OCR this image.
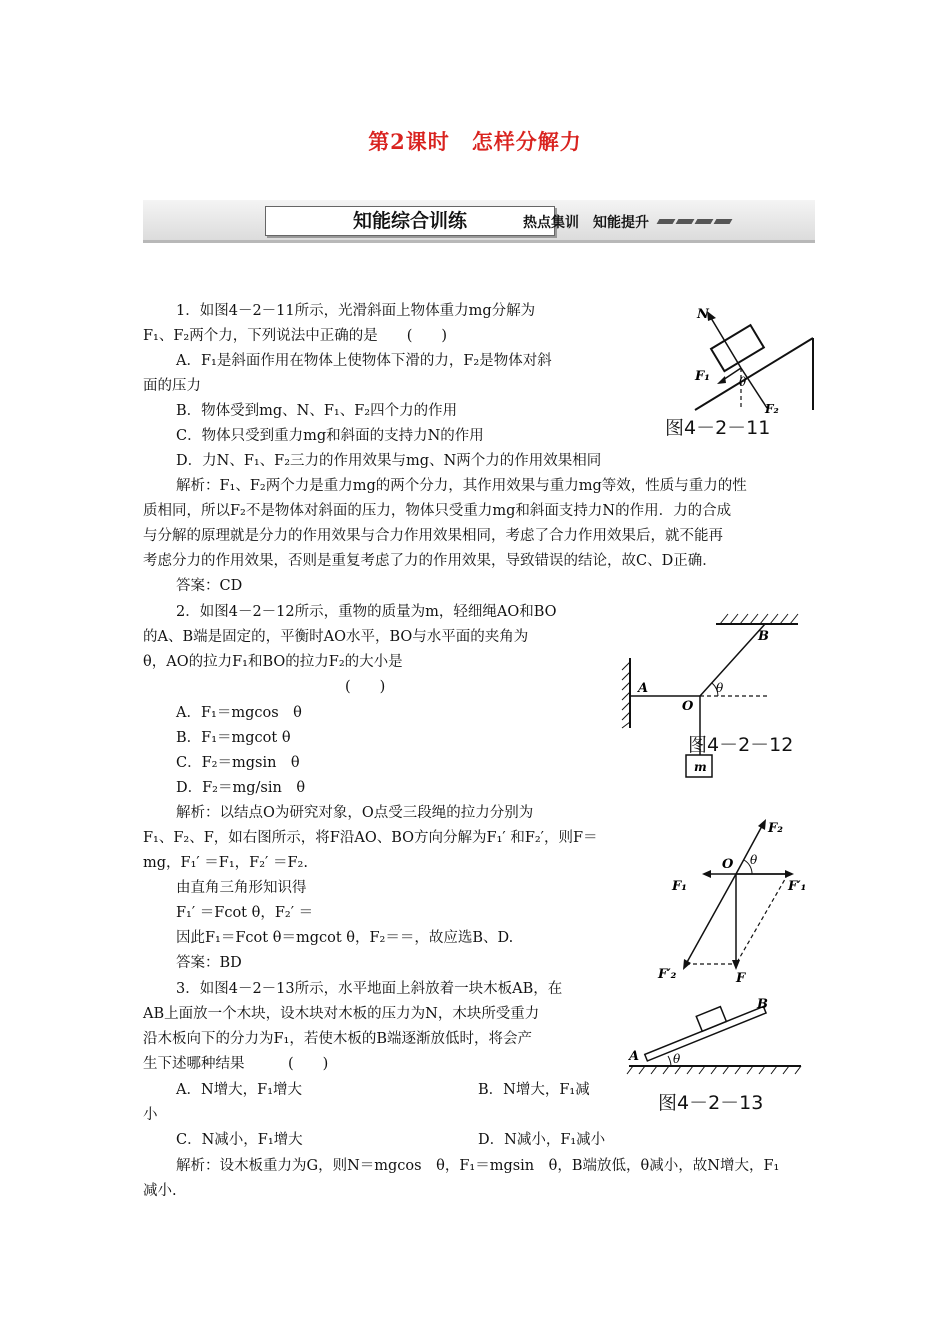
第2课时　怎样分解力
知能综合训练	热点集训　知能提升
1．如图4－2－11所示，光滑斜面上物体重力mg分解为
F₁、F₂两个力，下列说法中正确的是　　(　　)
A．F₁是斜面作用在物体上使物体下滑的力，F₂是物体对斜
面的压力
B．物体受到mg、N、F₁、F₂四个力的作用
C．物体只受到重力mg和斜面的支持力N的作用
D．力N、F₁、F₂三力的作用效果与mg、N两个力的作用效果相同
解析：F₁、F₂两个力是重力mg的两个分力，其作用效果与重力mg等效，性质与重力的性
质相同，所以F₂不是物体对斜面的压力，物体只受重力mg和斜面支持力N的作用．力的合成
与分解的原理就是分力的作用效果与合力作用效果相同，考虑了合力作用效果后，就不能再
考虑分力的作用效果，否则是重复考虑了力的作用效果，导致错误的结论，故C、D正确．
答案：CD
N
F₁ θ
F₂
图4－2－11
2．如图4－2－12所示，重物的质量为m，轻细绳AO和BO
的A、B端是固定的，平衡时AO水平，BO与水平面的夹角为
θ，AO的拉力F₁和BO的拉力F₂的大小是
(　　)
A．F₁＝mgcos　θ
B．F₁＝mgcot θ
C．F₂＝mgsin　θ
D．F₂＝mg/sin　θ
解析：以结点O为研究对象，O点受三段绳的拉力分别为
F₁、F₂、F，如右图所示，将F沿AO、BO方向分解为F₁′ 和F₂′，则F＝
mg，F₁′ ＝F₁，F₂′ ＝F₂.
由直角三角形知识得
F₁′ ＝Fcot θ，F₂′ ＝
因此F₁＝Fcot θ＝mgcot θ，F₂＝＝，故应选B、D.
答案：BD
A
B
O
θ
m
图4－2－12
F₂
O θ
F₁	F′₁
F′₂	F
3．如图4－2－13所示，水平地面上斜放着一块木板AB，在
AB上面放一个木块，设木块对木板的压力为N，木块所受重力
沿木板向下的分力为F₁，若使木板的B端逐渐放低时，将会产
生下述哪种结果　　　(　　)
A．N增大，F₁增大	B．N增大，F₁减
小
C．N减小，F₁增大	D．N减小，F₁减小
解析：设木板重力为G，则N＝mgcos　θ，F₁＝mgsin　θ，B端放低，θ减小，故N增大，F₁
减小.
A
B
θ
图4－2－13
